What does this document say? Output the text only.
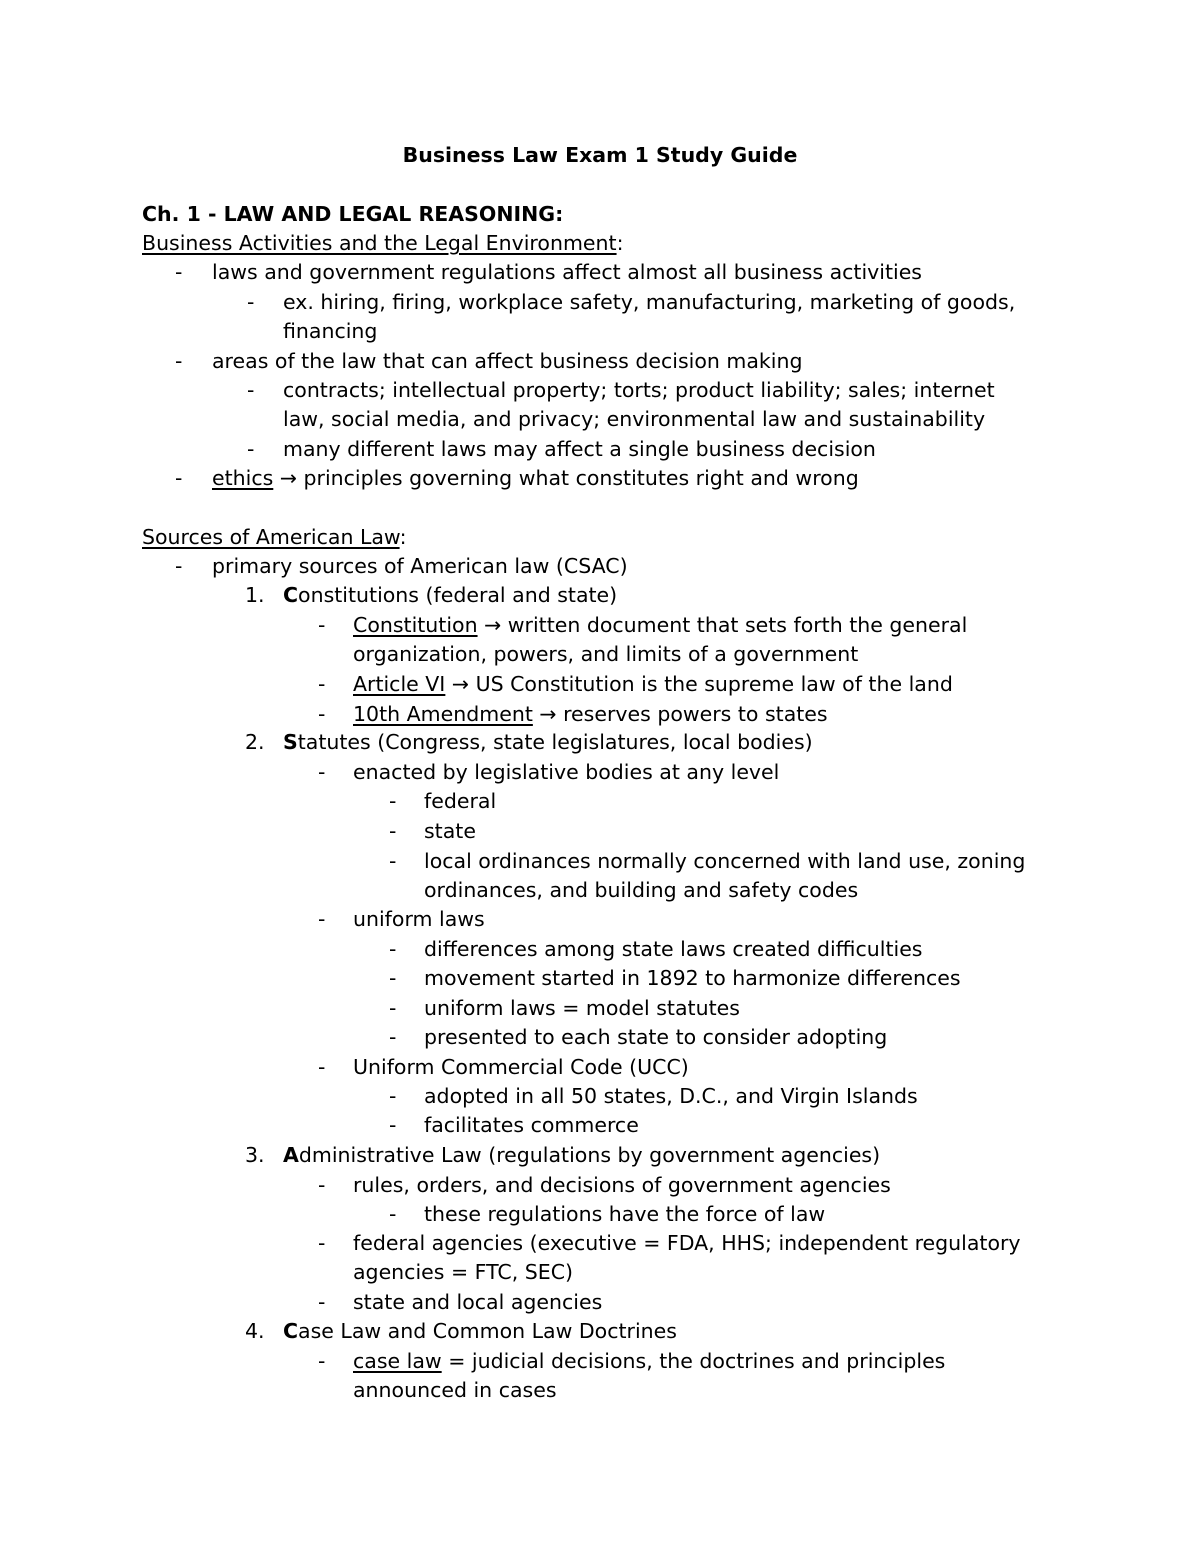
Business Law Exam 1 Study Guide
Ch. 1 - LAW AND LEGAL REASONING:
Business Activities and the Legal Environment:
- laws and government regulations affect almost all business activities
- ex. hiring, firing, workplace safety, manufacturing, marketing of goods,
financing
- areas of the law that can affect business decision making
- contracts; intellectual property; torts; product liability; sales; internet
law, social media, and privacy; environmental law and sustainability
- many different laws may affect a single business decision
- ethics → principles governing what constitutes right and wrong
Sources of American Law:
- primary sources of American law (CSAC)
1. Constitutions (federal and state)
- Constitution → written document that sets forth the general
organization, powers, and limits of a government
- Article VI → US Constitution is the supreme law of the land
- 10th Amendment → reserves powers to states
2. Statutes (Congress, state legislatures, local bodies)
- enacted by legislative bodies at any level
- federal
- state
- local ordinances normally concerned with land use, zoning
ordinances, and building and safety codes
- uniform laws
- differences among state laws created difficulties
- movement started in 1892 to harmonize differences
- uniform laws = model statutes
- presented to each state to consider adopting
- Uniform Commercial Code (UCC)
- adopted in all 50 states, D.C., and Virgin Islands
- facilitates commerce
3. Administrative Law (regulations by government agencies)
- rules, orders, and decisions of government agencies
- these regulations have the force of law
- federal agencies (executive = FDA, HHS; independent regulatory
agencies = FTC, SEC)
- state and local agencies
4. Case Law and Common Law Doctrines
- case law = judicial decisions, the doctrines and principles
announced in cases
